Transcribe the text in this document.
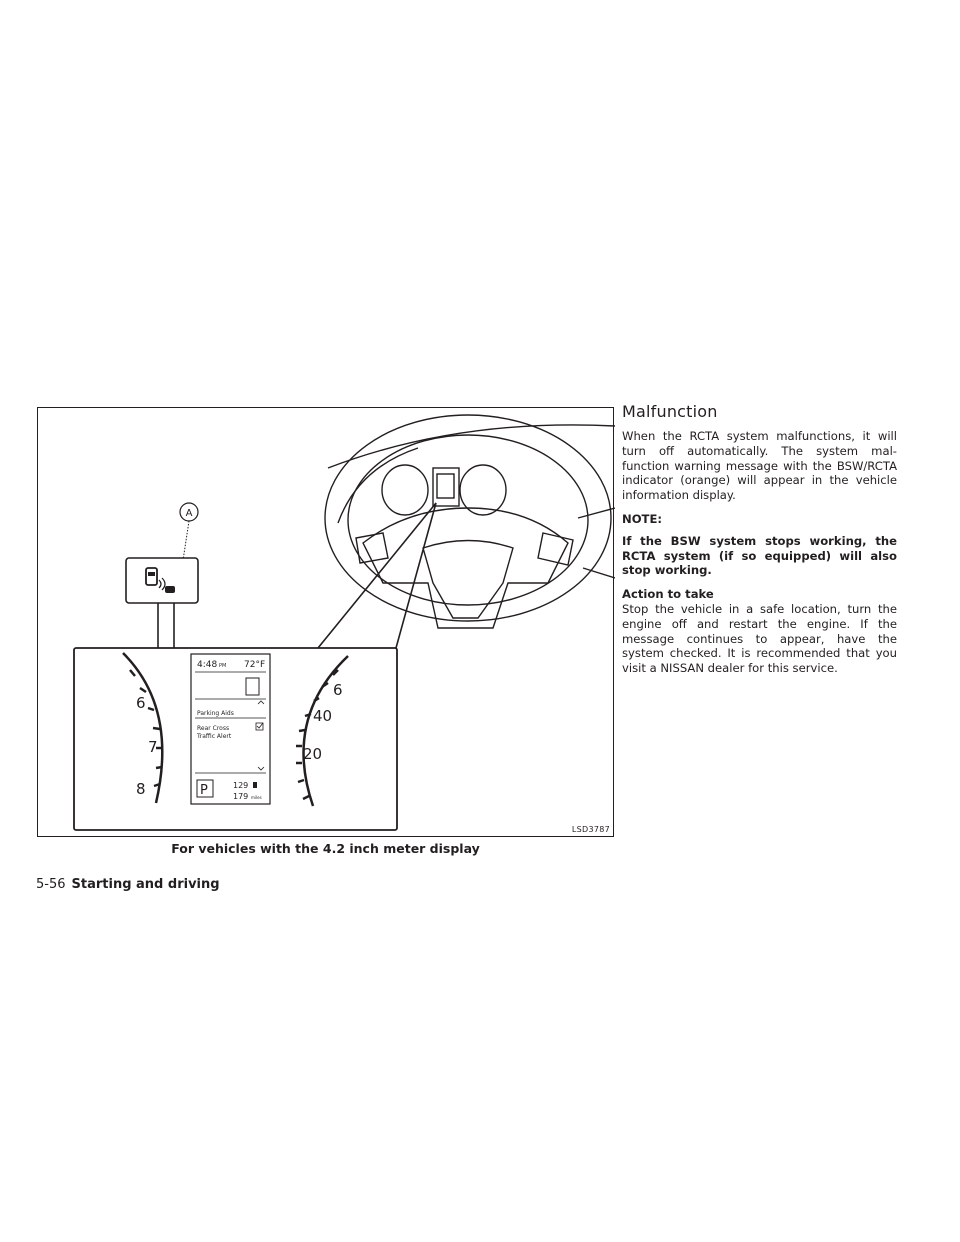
A
6
7
8
6
40
20
4:48 PM 72°F
Parking Aids
Rear Cross
Traffic Alert
P	129
179 miles
LSD3787
For vehicles with the 4.2 inch meter display
Malfunction

When the RCTA system malfunctions, it will turn off automatically. The system mal-function warning message with the BSW/RCTA indicator (orange) will appear in the vehicle information display.

NOTE:

If the BSW system stops working, the RCTA system (if so equipped) will also stop working.

Action to take

Stop the vehicle in a safe location, turn the engine off and restart the engine. If the message continues to appear, have the system checked. It is recommended that you visit a NISSAN dealer for this service.

5-56 Starting and driving
